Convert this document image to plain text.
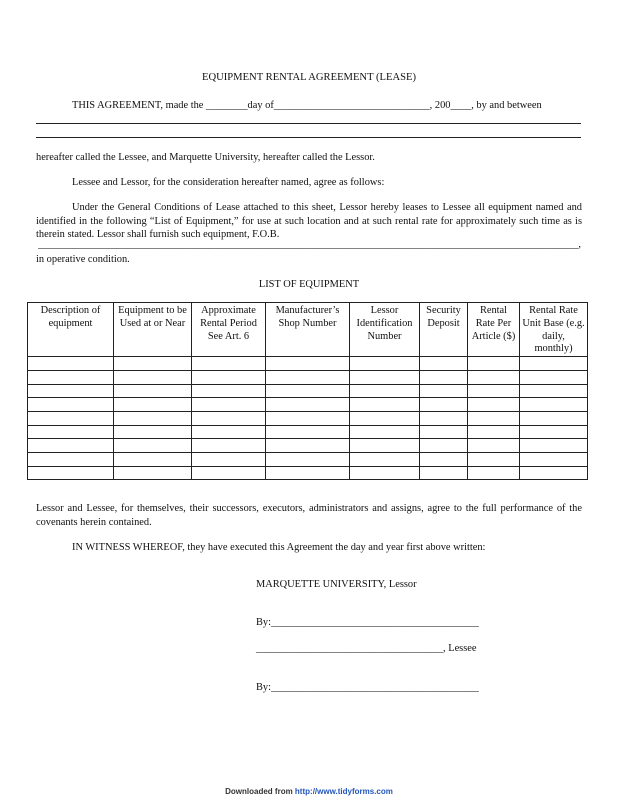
EQUIPMENT RENTAL AGREEMENT (LEASE)
THIS AGREEMENT, made the ________day of______________________________, 200____, by and between
hereafter called the Lessee, and Marquette University, hereafter called the Lessor.
Lessee and Lessor, for the consideration hereafter named, agree as follows:
Under the General Conditions of Lease attached to this sheet, Lessor hereby leases to Lessee all equipment named and identified in the following “List of Equipment,” for use at such location and at such rental rate for approximately such time as is therein stated. Lessor shall furnish such equipment, F.O.B.
________________________________________________________________________________________________________,
in operative condition.
LIST OF EQUIPMENT
Description of equipment	Equipment to be Used at or Near	Approximate Rental Period See Art. 6	Manufacturer’s Shop Number	Lessor Identification Number	Security Deposit	Rental Rate Per Article ($)	Rental Rate Unit Base (e.g. daily, monthly)

Lessor and Lessee, for themselves, their successors, executors, administrators and assigns, agree to the full performance of the covenants herein contained.
IN WITNESS WHEREOF, they have executed this Agreement the day and year first above written:
MARQUETTE UNIVERSITY, Lessor
By:________________________________________
____________________________________, Lessee
By:________________________________________
Downloaded from http://www.tidyforms.com
